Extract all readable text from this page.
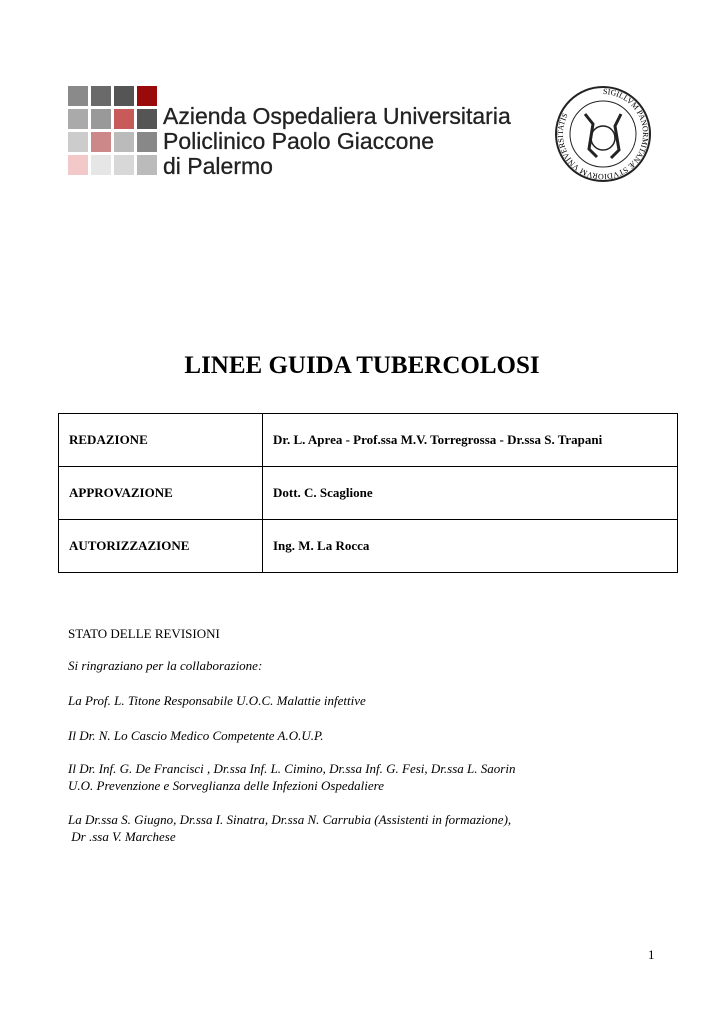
Azienda Ospedaliera Universitaria
Policlinico Paolo Giaccone
di Palermo
SIGILLVM PANORMITANÆ STVDIORVM VNIVERSITATIS
LINEE GUIDA TUBERCOLOSI
REDAZIONE	Dr. L. Aprea - Prof.ssa M.V. Torregrossa - Dr.ssa S. Trapani
APPROVAZIONE	Dott. C. Scaglione
AUTORIZZAZIONE	Ing. M. La Rocca
STATO DELLE REVISIONI
Si ringraziano per la collaborazione:
La Prof. L. Titone Responsabile U.O.C. Malattie infettive
Il Dr. N. Lo Cascio Medico Competente A.O.U.P.
Il Dr. Inf. G. De Francisci , Dr.ssa Inf. L. Cimino, Dr.ssa Inf. G. Fesi, Dr.ssa L. Saorin
U.O. Prevenzione e Sorveglianza delle Infezioni Ospedaliere
La Dr.ssa S. Giugno, Dr.ssa I. Sinatra, Dr.ssa N. Carrubia (Assistenti in formazione),
Dr .ssa V. Marchese
1
